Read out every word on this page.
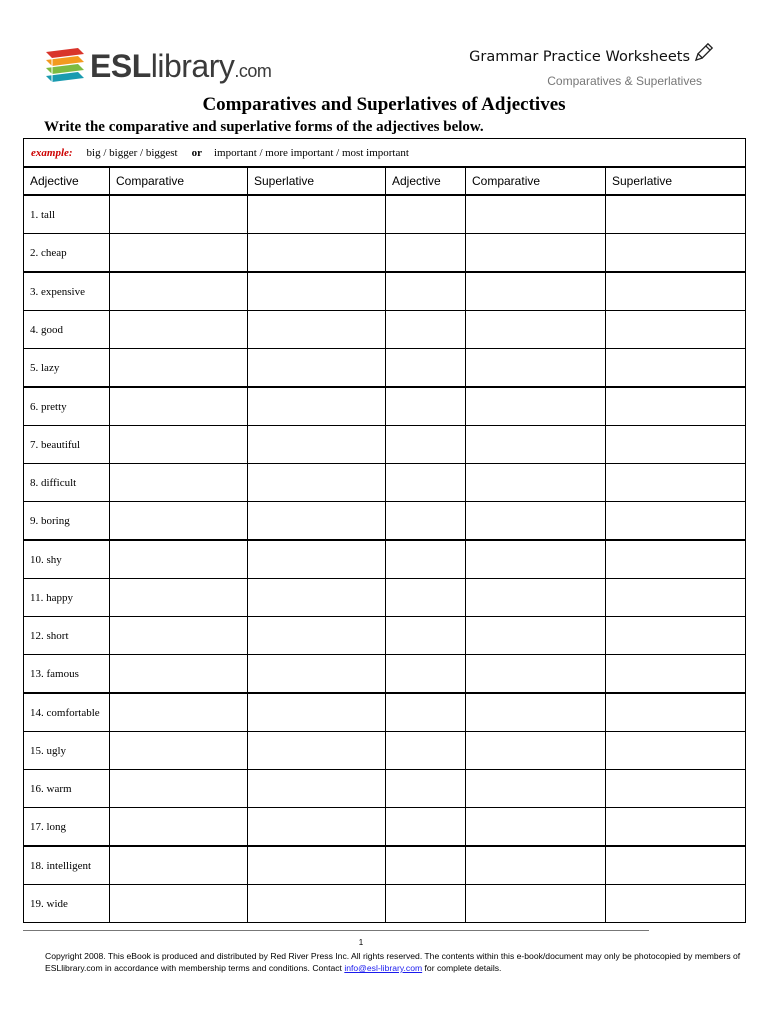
ESLlibrary.com
Grammar Practice Worksheets
Comparatives & Superlatives
Comparatives and Superlatives of Adjectives
Write the comparative and superlative forms of the adjectives below.
example: big / bigger / biggest or important / more important / most important					
Adjective	Comparative	Superlative	Adjective	Comparative	Superlative
1. tall					
2. cheap					
3. expensive					
4. good					
5. lazy					
6. pretty					
7. beautiful					
8. difficult					
9. boring					
10. shy					
11. happy					
12. short					
13. famous					
14. comfortable					
15. ugly					
16. warm					
17. long					
18. intelligent					
19. wide					
1
Copyright 2008. This eBook is produced and distributed by Red River Press Inc. All rights reserved. The contents within this e-book/document may only be photocopied by members of ESLlibrary.com in accordance with membership terms and conditions. Contact info@esl-library.com for complete details.
